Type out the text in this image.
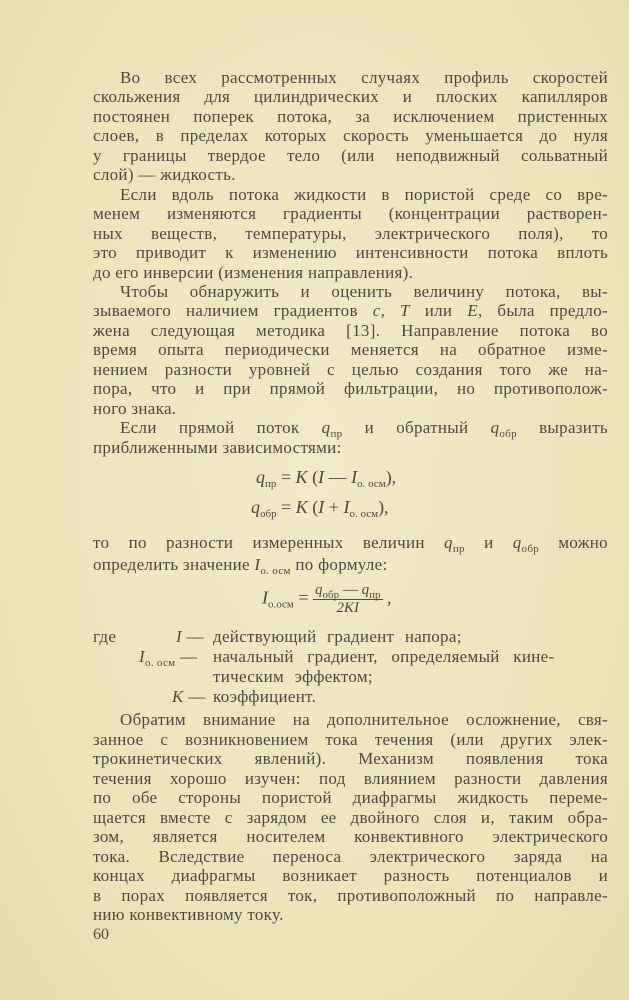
Во всех рассмотренных случаях профиль скоростей
скольжения для цилиндрических и плоских капилляров
постоянен поперек потока, за исключением пристенных
слоев, в пределах которых скорость уменьшается до нуля
у границы твердое тело (или неподвижный сольватный
слой) — жидкость.
Если вдоль потока жидкости в пористой среде со вре-
менем изменяются градиенты (концентрации растворен-
ных веществ, температуры, электрического поля), то
это приводит к изменению интенсивности потока вплоть
до его инверсии (изменения направления).
Чтобы обнаружить и оценить величину потока, вы-
зываемого наличием градиентов c, T или E, была предло-
жена следующая методика [13]. Направление потока во
время опыта периодически меняется на обратное изме-
нением разности уровней с целью создания того же на-
пора, что и при прямой фильтрации, но противополож-
ного знака.
Если прямой поток $q_{пр}$ и обратный $q_{обр}$ выразить
приближенными зависимостями:
то по разности измеренных величин $q_{пр}$ и $q_{обр}$ можно
определить значение $I_{о. осм}$ по формуле:
Обратим внимание на дополнительное осложнение, свя-
занное с возникновением тока течения (или других элек-
трокинетических явлений). Механизм появления тока
течения хорошо изучен: под влиянием разности давления
по обе стороны пористой диафрагмы жидкость переме-
щается вместе с зарядом ее двойного слоя и, таким обра-
зом, является носителем конвективного электрического
тока. Вследствие переноса электрического заряда на
концах диафрагмы возникает разность потенциалов и
в порах появляется ток, противоположный по направле-
нию конвективному току.
$q_{пр} = K$ (I — $I_{о. осм}$),
$q_{обр} = K$ $(I + I_{о. осм})$,
$I_{о.осм} = \frac{q_{обр} — q_{пр}}{2KI}$ ,
где	I — действующий градиент напора;
$I_{о. осм}$ — начальный градиент, определяемый кине-
тическим эффектом;
K — коэффициент.
60
